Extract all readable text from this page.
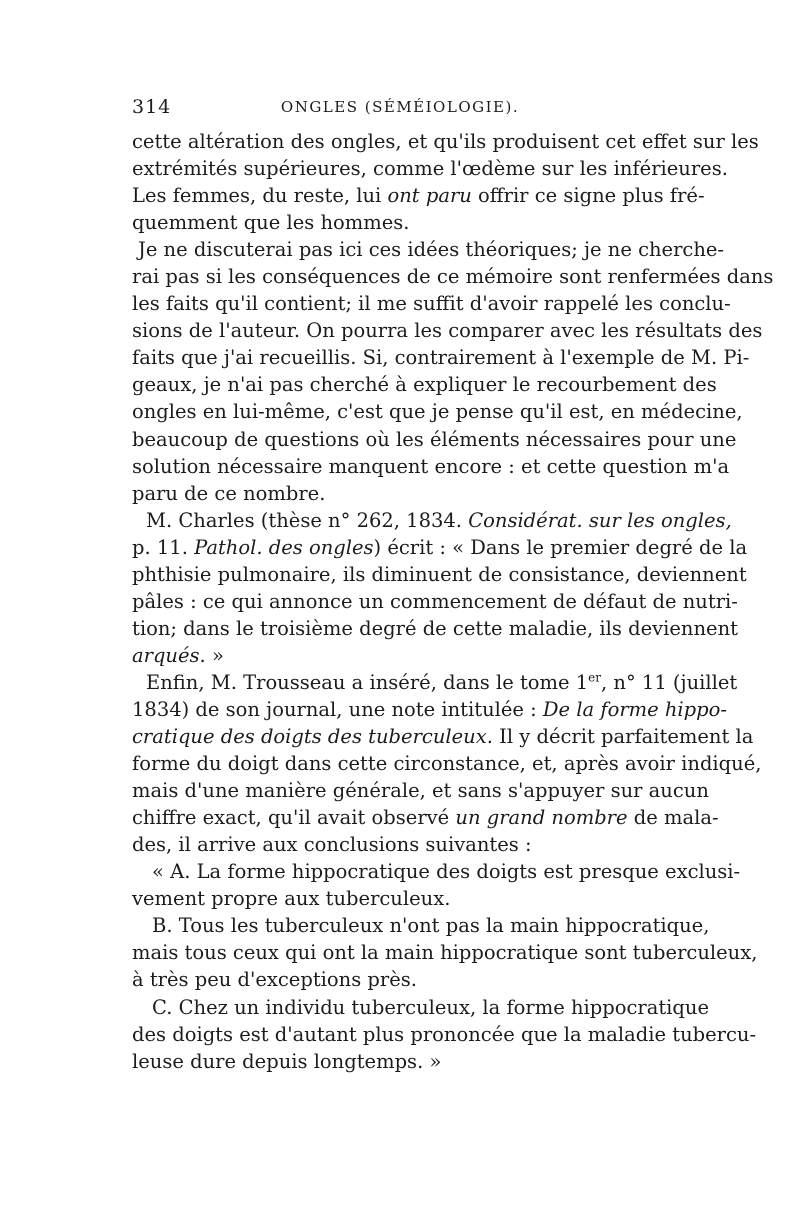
314	ONGLES (SÉMÉIOLOGIE).
cette altération des ongles, et qu'ils produisent cet effet sur les
extrémités supérieures, comme l'œdème sur les inférieures.
Les femmes, du reste, lui ont paru offrir ce signe plus fré-
quemment que les hommes.
Je ne discuterai pas ici ces idées théoriques; je ne cherche-
rai pas si les conséquences de ce mémoire sont renfermées dans
les faits qu'il contient; il me suffit d'avoir rappelé les conclu-
sions de l'auteur. On pourra les comparer avec les résultats des
faits que j'ai recueillis. Si, contrairement à l'exemple de M. Pi-
geaux, je n'ai pas cherché à expliquer le recourbement des
ongles en lui-même, c'est que je pense qu'il est, en médecine,
beaucoup de questions où les éléments nécessaires pour une
solution nécessaire manquent encore : et cette question m'a
paru de ce nombre.
M. Charles (thèse n° 262, 1834. Considérat. sur les ongles,
p. 11. Pathol. des ongles) écrit : « Dans le premier degré de la
phthisie pulmonaire, ils diminuent de consistance, deviennent
pâles : ce qui annonce un commencement de défaut de nutri-
tion; dans le troisième degré de cette maladie, ils deviennent
arqués. »
Enfin, M. Trousseau a inséré, dans le tome 1er, n° 11 (juillet
1834) de son journal, une note intitulée : De la forme hippo-
cratique des doigts des tuberculeux. Il y décrit parfaitement la
forme du doigt dans cette circonstance, et, après avoir indiqué,
mais d'une manière générale, et sans s'appuyer sur aucun
chiffre exact, qu'il avait observé un grand nombre de mala-
des, il arrive aux conclusions suivantes :
« A. La forme hippocratique des doigts est presque exclusi-
vement propre aux tuberculeux.
B. Tous les tuberculeux n'ont pas la main hippocratique,
mais tous ceux qui ont la main hippocratique sont tuberculeux,
à très peu d'exceptions près.
C. Chez un individu tuberculeux, la forme hippocratique
des doigts est d'autant plus prononcée que la maladie tubercu-
leuse dure depuis longtemps. »
